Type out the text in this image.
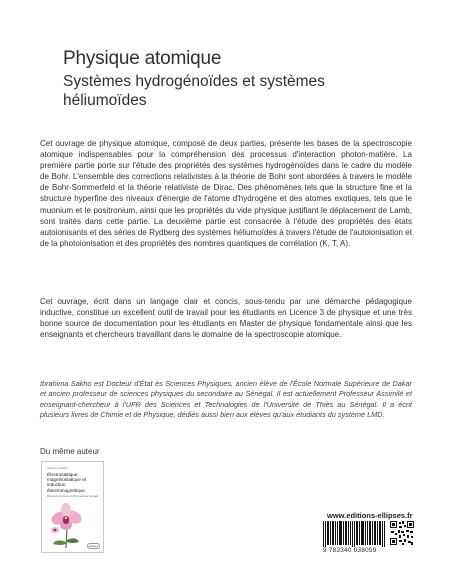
Physique atomique
Systèmes hydrogénoïdes et systèmes héliumoïdes

Cet ouvrage de physique atomique, composé de deux parties, présente les bases de la spectroscopie atomique indispensables pour la compréhension des processus d'interaction photon-matière. La première partie porte sur l'étude des propriétés des systèmes hydrogénoïdes dans le cadre du modèle de Bohr. L'ensemble des corrections relativistes à la théorie de Bohr sont abordées à travers le modèle de Bohr-Sommerfeld et la théorie relativiste de Dirac. Des phénomènes tels que la structure fine et la structure hyperfine des niveaux d'énergie de l'atome d'hydrogène et des atomes exotiques, tels que le muonium et le positronium, ainsi que les propriétés du vide physique justifiant le déplacement de Lamb, sont traités dans cette partie. La deuxième partie est consacrée à l'étude des propriétés des états autoionisants et des séries de Rydberg des systèmes héliumoïdes à travers l'étude de l'autoionisation et de la photoionisation et des propriétés des nombres quantiques de corrélation (K, T, A).

Cet ouvrage, écrit dans un langage clair et concis, sous-tendu par une démarche pédagogique inductive, constitue un excellent outil de travail pour les étudiants en Licence 3 de physique et une très bonne source de documentation pour les étudiants en Master de physique fondamentale ainsi que les enseignants et chercheurs travaillant dans le domaine de la spectroscopie atomique.

Ibrahima Sakho est Docteur d'État ès Sciences Physiques, ancien élève de l'École Normale Supérieure de Dakar et ancien professeur de sciences physiques du secondaire au Sénégal. Il est actuellement Professeur Assimilé et enseignant-chercheur à l'UFR des Sciences et Technologies de l'Université de Thiès au Sénégal. Il a écrit plusieurs livres de Chimie et de Physique, dédiés aussi bien aux élèves qu'aux étudiants du système LMD.

Du même auteur
Ibrahima Sakho
Électrostatique, magnétostatique et induction électromagnétique
Résumés de cours et 136 exercices corrigés
ellipses
www.editions-ellipses.fr
9 782340 038059
